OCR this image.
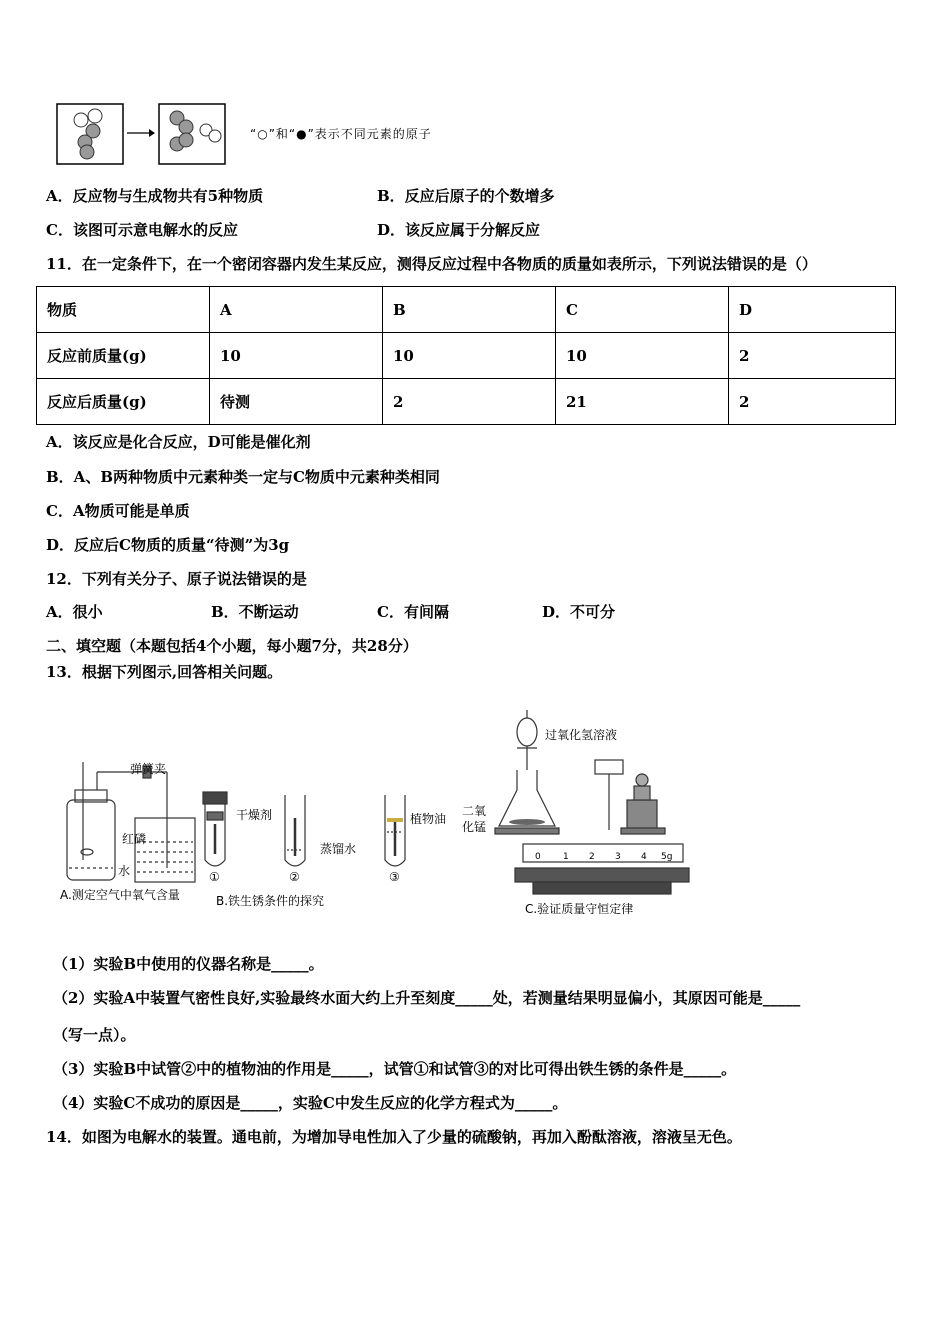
“○”和“●”表示不同元素的原子
A．反应物与生成物共有5种物质	B．反应后原子的个数增多
C．该图可示意电解水的反应	D．该反应属于分解反应
11．在一定条件下，在一个密闭容器内发生某反应，测得反应过程中各物质的质量如表所示，下列说法错误的是（）
物质	A	B	C	D
反应前质量(g)	10	10	10	2
反应后质量(g)	待测	2	21	2
A．该反应是化合反应，D可能是催化剂
B．A、B两种物质中元素种类一定与C物质中元素种类相同
C．A物质可能是单质
D．反应后C物质的质量“待测”为3g
12．下列有关分子、原子说法错误的是
A．很小	B．不断运动	C．有间隔	D．不可分
二、填空题（本题包括4个小题，每小题7分，共28分）
13．根据下列图示,回答相关问题。
0 1 2 3 4 5g
弹簧夹
红磷
水
干燥剂	植物油
蒸馏水
①	②	③
过氧化氢溶液
二氧
化锰
A.测定空气中氧气含量	B.铁生锈条件的探究
C.验证质量守恒定律
（1）实验B中使用的仪器名称是_____。
（2）实验A中装置气密性良好,实验最终水面大约上升至刻度_____处，若测量结果明显偏小，其原因可能是_____
（写一点）。
（3）实验B中试管②中的植物油的作用是_____，试管①和试管③的对比可得出铁生锈的条件是_____。
（4）实验C不成功的原因是_____，实验C中发生反应的化学方程式为_____。
14．如图为电解水的装置。通电前，为增加导电性加入了少量的硫酸钠，再加入酚酞溶液，溶液呈无色。
